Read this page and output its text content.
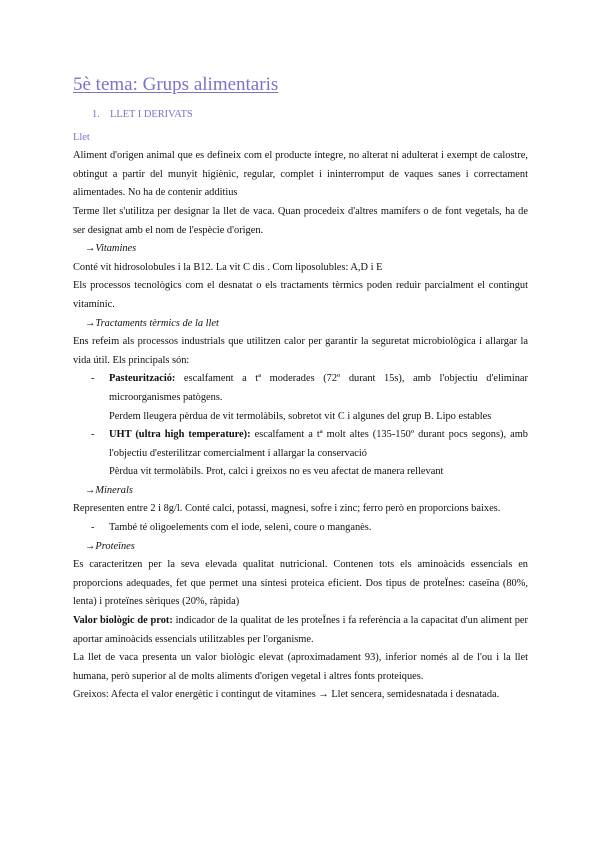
5è tema: Grups alimentaris
1. LLET I DERIVATS
Llet

Aliment d'origen animal que es defineix com el producte íntegre, no alterat ni adulterat i exempt de calostre, obtingut a partir del munyit higiènic, regular, complet i ininterromput de vaques sanes i correctament alimentades. No ha de contenir additius

Terme llet s'utilitza per designar la llet de vaca. Quan procedeix d'altres mamífers o de font vegetals, ha de ser designat amb el nom de l'espècie d'origen.

→Vitamines

Conté vit hidrosolobules i la B12. La vit C dis . Com liposolubles: A,D i E

Els processos tecnològics com el desnatat o els tractaments tèrmics poden reduir parcialment el contingut vitamínic.

→Tractaments tèrmics de la llet

Ens refeim als processos industrials que utilitzen calor per garantir la seguretat microbiològica i allargar la vida útil. Els principals són:

- Pasteurització: escalfament a tª moderades (72º durant 15s), amb l'objectiu d'eliminar microorganismes patògens.
Perdem lleugera pèrdua de vit termolàbils, sobretot vit C i algunes del grup B. Lipo estables
- UHT (ultra high temperature): escalfament a tª molt altes (135-150º durant pocs segons), amb l'objectiu d'esterilitzar comercialment i allargar la conservació
Pèrdua vit termolàbils. Prot, calci i greixos no es veu afectat de manera rellevant
→Minerals

Representen entre 2 i 8g/l. Conté calci, potassi, magnesi, sofre i zinc; ferro però en proporcions baixes.

- També té oligoelements com el iode, seleni, coure o manganès.
→Proteïnes

Es caracteritzen per la seva elevada qualitat nutricional. Contenen tots els aminoàcids essencials en proporcions adequades, fet que permet una síntesi proteica eficient. Dos tipus de proteÏnes: caseïna (80%, lenta) i proteïnes sèriques (20%, ràpida)

Valor biològic de prot: indicador de la qualitat de les proteÏnes i fa referència a la capacitat d'un aliment per aportar aminoàcids essencials utilitzables per l'organisme.

La llet de vaca presenta un valor biològic elevat (aproximadament 93), inferior només al de l'ou i la llet humana, però superior al de molts aliments d'origen vegetal i altres fonts proteiques.

Greixos: Afecta el valor energètic i contingut de vitamines → Llet sencera, semidesnatada i desnatada.
